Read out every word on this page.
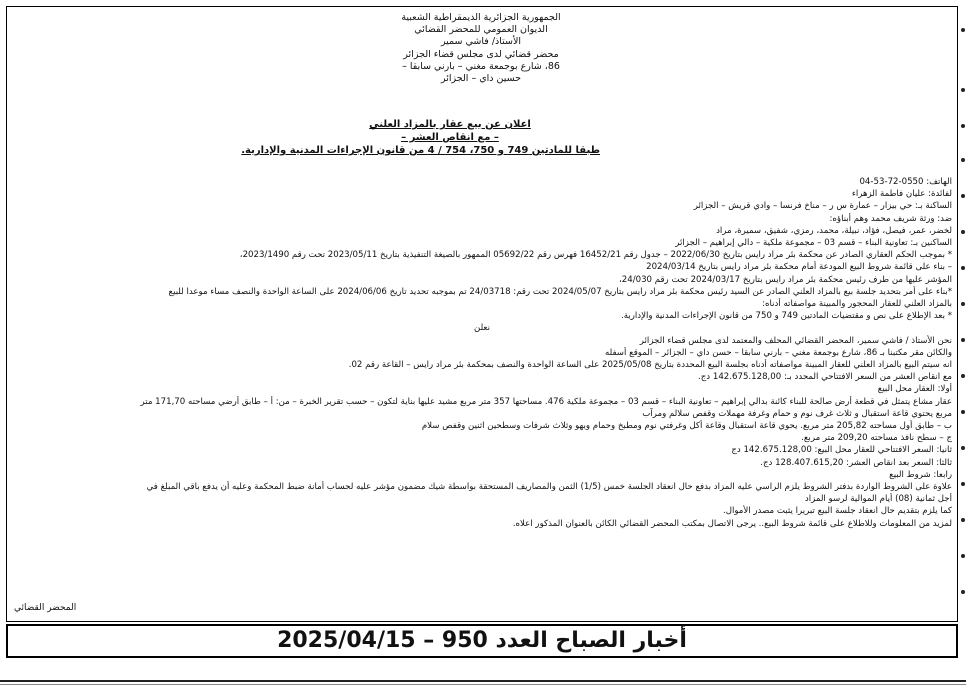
الجمهورية الجزائرية الديمقراطية الشعبية
الديوان العمومي للمحضر القضائي
الأستاذ/ فاشي سمير
محضر قضائي لدى مجلس قضاء الجزائر
86، شارع بوجمعة مغني – بارني سابقا –
حسين داي – الجزائر
اعلان عن بيع عقار بالمزاد العلني
– مع انقاص العشر –
طبقا للمادتين 749 و 750، 754 / 4 من قانون الإجراءات المدنية والإدارية.
الهاتف: 0550-72-53-04
لفائدة: عليان فاطمة الزهراء
الساكنة بـ: حي بيزار – عمارة س ر – مناخ فرنسا – وادي قريش – الجزائر
ضد: ورثة شريف محمد وهم أبناؤه:
لخضر، عمر، فيصل، فؤاد، نبيلة، محمد، رمزي، شفيق، سميرة، مراد
الساكنين بـ: تعاونية البناء – قسم 03 – مجموعة ملكية – دالي إبراهيم – الجزائر
* بموجب الحكم العقاري الصادر عن محكمة بئر مراد رايس بتاريخ 2022/06/30 – جدول رقم 16452/21 فهرس رقم 05692/22 الممهور بالصيغة التنفيذية بتاريخ 2023/05/11 تحت رقم 2023/1490،
– بناء على قائمة شروط البيع المودعة أمام محكمة بئر مراد رايس بتاريخ 2024/03/14
المؤشر عليها من طرف رئيس محكمة بئر مراد رايس بتاريخ 2024/03/17 تحت رقم 24/030،
*بناء على أمر بتحديد جلسة بيع بالمزاد العلني الصادر عن السيد رئيس محكمة بئر مراد رايس بتاريخ 2024/05/07 تحت رقم: 24/03718 تم بموجبه تحديد تاريخ 2024/06/06 على الساعة الواحدة والنصف مساء موعدا للبيع
بالمزاد العلني للعقار المحجور والمبينة مواصفاته أدناه:
* بعد الإطلاع على نص و مقتضيات المادتين 749 و 750 من قانون الإجراءات المدنية والإدارية.
نعلن
نحن الأستاذ / فاشي سمير، المحضر القضائي المحلف والمعتمد لدى مجلس قضاء الجزائر
والكائن مقر مكتبنا بـ 86، شارع بوجمعة مغني – بارني سابقا – حسن داي – الجزائر – الموقع أسفله
انه سيتم البيع بالمزاد العلني للعقار المبينة مواصفاته أدناه بجلسة البيع المحددة بتاريخ 2025/05/08 على الساعة الواحدة والنصف بمحكمة بئر مراد رايس – القاعة رقم 02.
مع انقاص العشر من السعر الافتتاحي المحدد بـ: 142.675.128,00 دج.
أولا: العقار محل البيع
عقار مشاع يتمثل في قطعة أرض صالحة للبناء كائنة بدالي إبراهيم – تعاونية البناء – قسم 03 – مجموعة ملكية 476. مساحتها 357 متر مربع مشيد عليها بناية لتكون – حسب تقرير الخبرة – من: أ – طابق أرضي مساحته 171,70 متر
مربع يحتوي قاعة استقبال و ثلاث غرف نوم و حمام وغرفة مهملات وقفص سلالم ومرآب
ب – طابق أول مساحته 205,82 متر مربع. يحوي قاعة استقبال وقاعة أكل وغرفتي نوم ومطبخ وحمام وبهو وثلاث شرفات وسطحين اثنين وقفص سلام
ج – سطح نافذ مساحته 209,20 متر مربع.
ثانيا: السعر الافتتاحي للعقار محل البيع: 142.675.128,00 دج
ثالثا: السعر بعد انقاص العشر: 128.407.615,20 دج.
رابعا: شروط البيع
علاوة على الشروط الواردة بدفتر الشروط يلزم الراسي عليه المزاد بدفع حال انعقاد الجلسة خمس (1/5) الثمن والمصاريف المستحقة بواسطة شيك مضمون مؤشر عليه لحساب أمانة ضبط المحكمة وعليه أن يدفع باقي المبلغ في
أجل ثمانية (08) أيام الموالية لرسو المزاد
كما يلزم بتقديم حال انعقاد جلسة البيع تبريرا يثبت مصدر الأموال.
لمزيد من المعلومات وللاطلاع على قائمة شروط البيع.. يرجى الاتصال بمكتب المحضر القضائي الكائن بالعنوان المذكور اعلاه.
المحضر القضائي
أخبار الصباح العدد 950 – 2025/04/15
